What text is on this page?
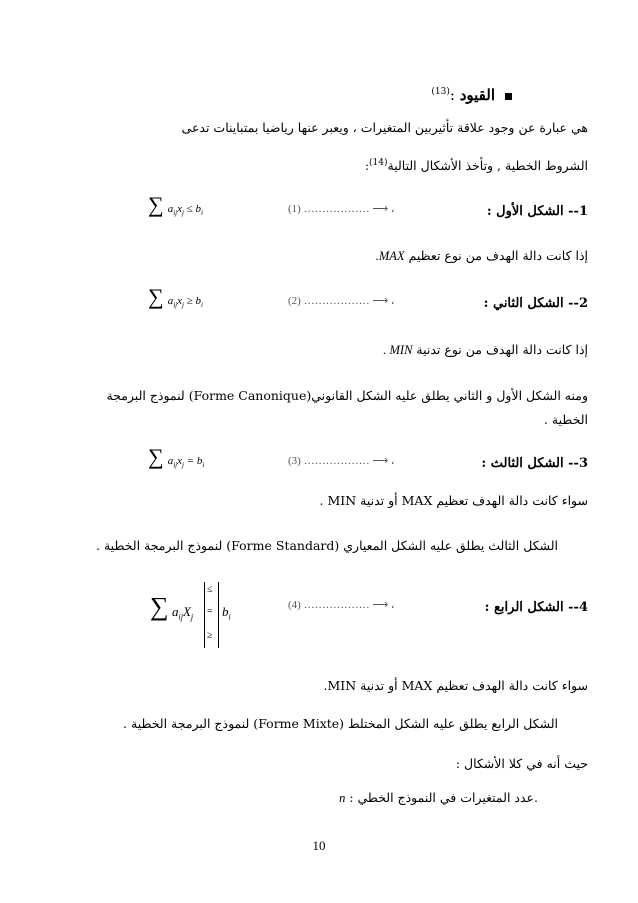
القيود :$^{(13)}$
هي عبارة عن وجود علاقة تأثيربين المتغيرات ، ويعبر عنها رياضيا بمتباينات تدعى
الشروط الخطية , وتأخذ الأشكال التالية$^{(14)}$:
1-- الشكل الأول :
(1) ……………… ⟶ ،
∑ $a_{ij}x_j \le b_i$
إذا كانت دالة الهدف من نوع تعظيم MAX.
2-- الشكل الثاني :
(2) ……………… ⟶ ،
∑ $a_{ij}x_j \ge b_i$
إذا كانت دالة الهدف من نوع تدنية MIN .
ومنه الشكل الأول و الثاني يطلق عليه الشكل القانوني(Forme Canonique) لنموذج البرمجة
الخطية .
3-- الشكل الثالث :
(3) ……………… ⟶ ،
∑ $a_{ij}x_j = b_i$
سواء كانت دالة الهدف تعظيم MAX أو تدنية MIN .
الشكل الثالث يطلق عليه الشكل المعياري (Forme Standard) لنموذج البرمجة الخطية .
4-- الشكل الرابع :
(4) ……………… ⟶ ،
∑ $a_{ij}X_j$
≤
=
≥
$b_i$
سواء كانت دالة الهدف تعظيم MAX أو تدنية MIN.
الشكل الرابع يطلق عليه الشكل المختلط (Forme Mixte) لنموذج البرمجة الخطية .
حيث أنه في كلا الأشكال :
n : عدد المتغيرات في النموذج الخطي.
10
